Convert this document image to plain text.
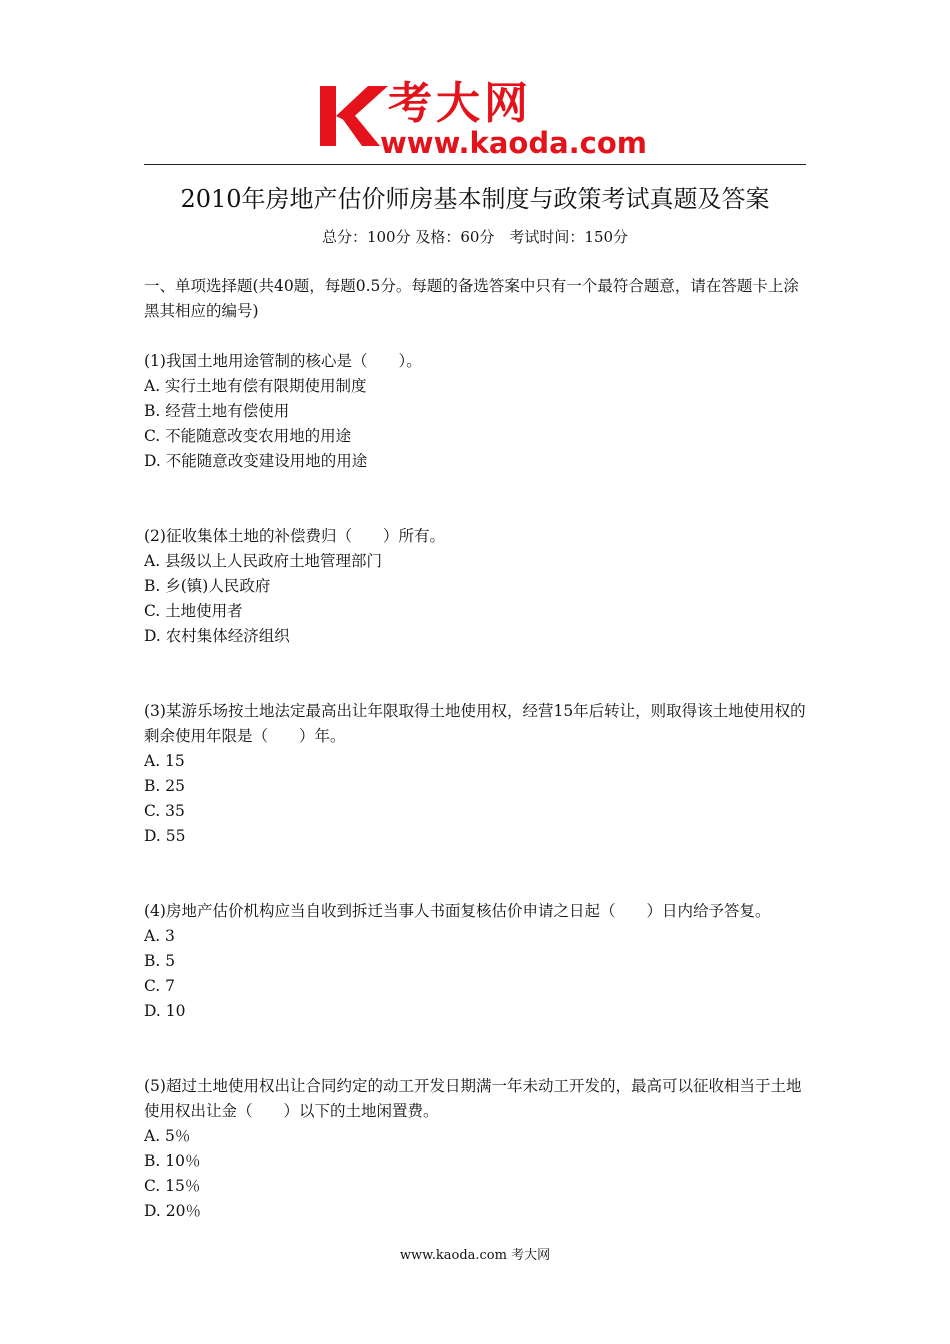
考大网
www.kaoda.com
2010年房地产估价师房基本制度与政策考试真题及答案
总分：100分 及格：60分　考试时间：150分

一、单项选择题(共40题，每题0.5分。每题的备选答案中只有一个最符合题意，请在答题卡上涂黑其相应的编号)

(1)我国土地用途管制的核心是（　　）。

A. 实行土地有偿有限期使用制度

B. 经营土地有偿使用

C. 不能随意改变农用地的用途

D. 不能随意改变建设用地的用途

(2)征收集体土地的补偿费归（　　）所有。

A. 县级以上人民政府土地管理部门

B. 乡(镇)人民政府

C. 土地使用者

D. 农村集体经济组织

(3)某游乐场按土地法定最高出让年限取得土地使用权，经营15年后转让，则取得该土地使用权的剩余使用年限是（　　）年。

A. 15

B. 25

C. 35

D. 55

(4)房地产估价机构应当自收到拆迁当事人书面复核估价申请之日起（　　）日内给予答复。

A. 3

B. 5

C. 7

D. 10

(5)超过土地使用权出让合同约定的动工开发日期满一年未动工开发的，最高可以征收相当于土地使用权出让金（　　）以下的土地闲置费。

A. 5％

B. 10％

C. 15％

D. 20％

www.kaoda.com 考大网
